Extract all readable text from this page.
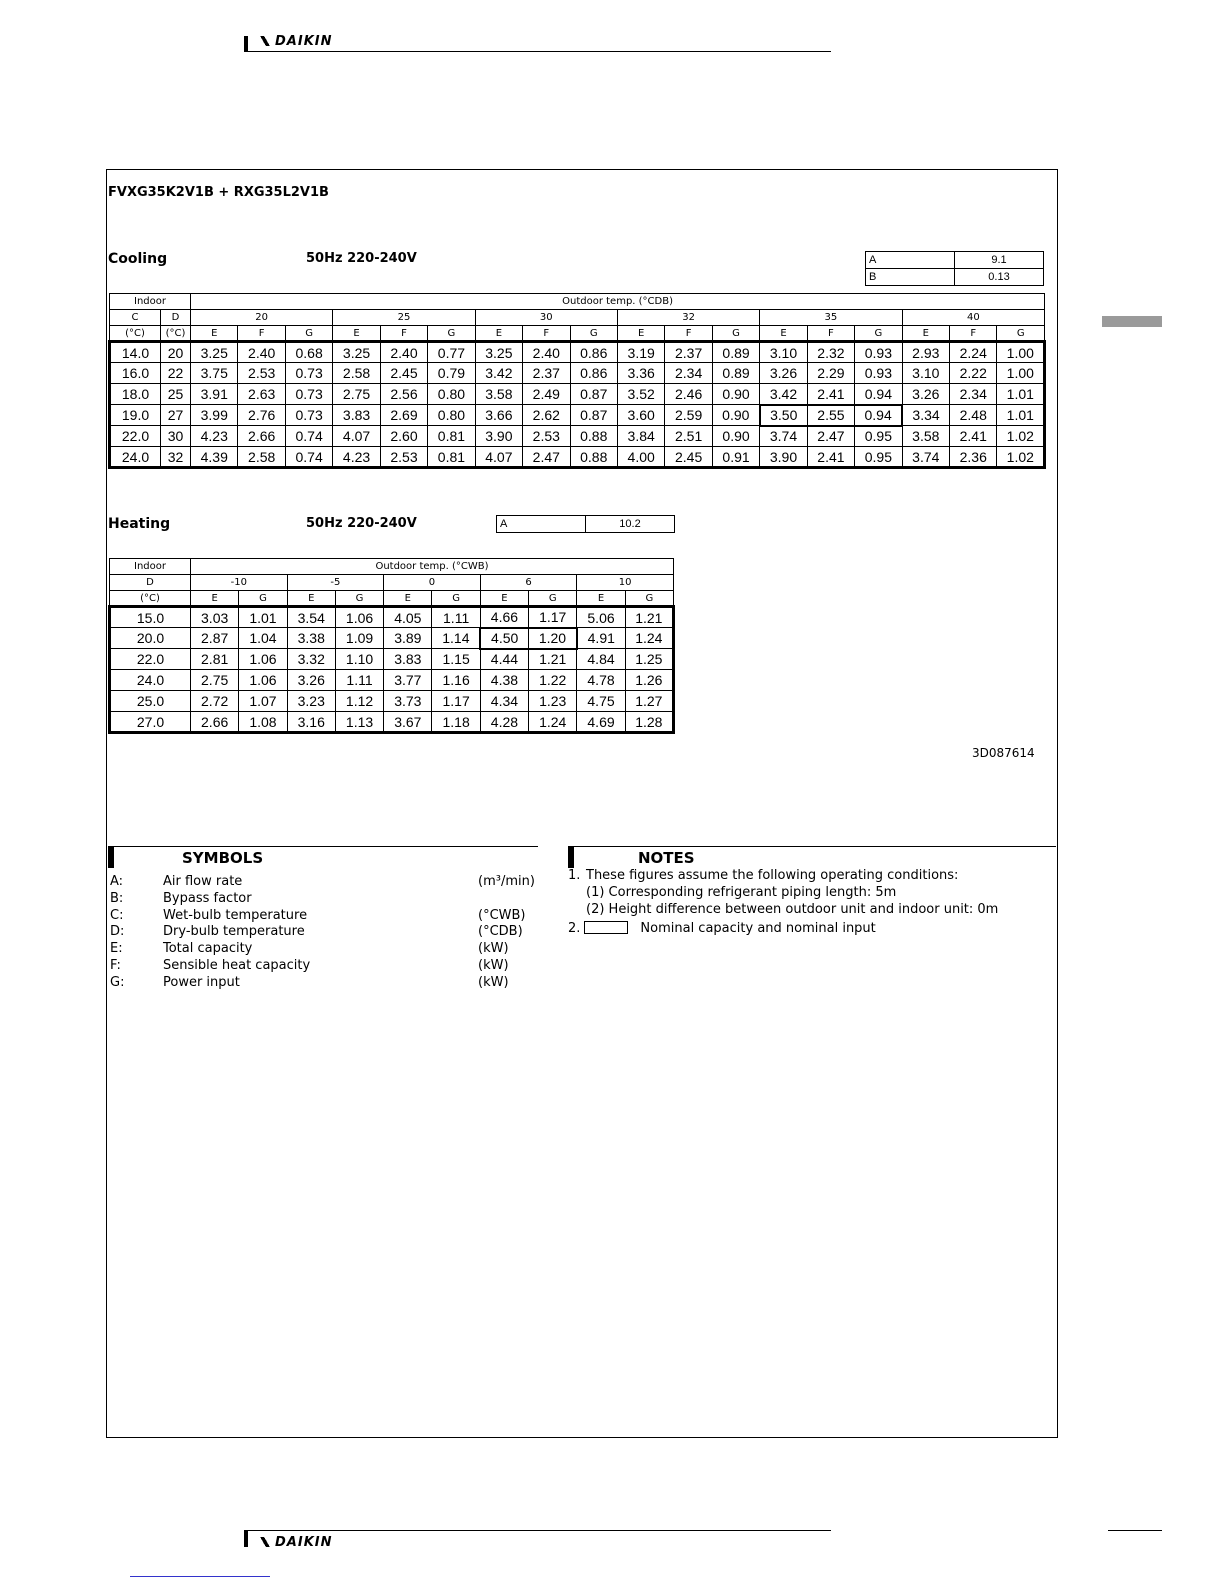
DAIKIN
FVXG35K2V1B + RXG35L2V1B
Cooling	50Hz 220-240V	A	9.1
B	0.13
Indoor		Outdoor temp. (°CDB)																	
C	D	20			25			30			32			35			40		
(°C)	(°C)	E	F	G	E	F	G	E	F	G	E	F	G	E	F	G	E	F	G
14.0	20	3.25	2.40	0.68	3.25	2.40	0.77	3.25	2.40	0.86	3.19	2.37	0.89	3.10	2.32	0.93	2.93	2.24	1.00
16.0	22	3.75	2.53	0.73	2.58	2.45	0.79	3.42	2.37	0.86	3.36	2.34	0.89	3.26	2.29	0.93	3.10	2.22	1.00
18.0	25	3.91	2.63	0.73	2.75	2.56	0.80	3.58	2.49	0.87	3.52	2.46	0.90	3.42	2.41	0.94	3.26	2.34	1.01
19.0	27	3.99	2.76	0.73	3.83	2.69	0.80	3.66	2.62	0.87	3.60	2.59	0.90	3.50	2.55	0.94	3.34	2.48	1.01
22.0	30	4.23	2.66	0.74	4.07	2.60	0.81	3.90	2.53	0.88	3.84	2.51	0.90	3.74	2.47	0.95	3.58	2.41	1.02
24.0	32	4.39	2.58	0.74	4.23	2.53	0.81	4.07	2.47	0.88	4.00	2.45	0.91	3.90	2.41	0.95	3.74	2.36	1.02
Heating	50Hz 220-240V	A	10.2
Indoor	Outdoor temp. (°CWB)									
D	-10		-5		0		6		10	
(°C)	E	G	E	G	E	G	E	G	E	G
15.0	3.03	1.01	3.54	1.06	4.05	1.11	4.66	1.17	5.06	1.21
20.0	2.87	1.04	3.38	1.09	3.89	1.14	4.50	1.20	4.91	1.24
22.0	2.81	1.06	3.32	1.10	3.83	1.15	4.44	1.21	4.84	1.25
24.0	2.75	1.06	3.26	1.11	3.77	1.16	4.38	1.22	4.78	1.26
25.0	2.72	1.07	3.23	1.12	3.73	1.17	4.34	1.23	4.75	1.27
27.0	2.66	1.08	3.16	1.13	3.67	1.18	4.28	1.24	4.69	1.28
3D087614
SYMBOLS
A:	Air flow rate	(m³/min)
B:	Bypass factor
C:	Wet-bulb temperature	(°CWB)
D:	Dry-bulb temperature	(°CDB)
E:	Total capacity	(kW)
F:	Sensible heat capacity	(kW)
G:	Power input	(kW)
NOTES
1. These figures assume the following operating conditions:
(1) Corresponding refrigerant piping length: 5m
(2) Height difference between outdoor unit and indoor unit: 0m
2.	Nominal capacity and nominal input
DAIKIN
